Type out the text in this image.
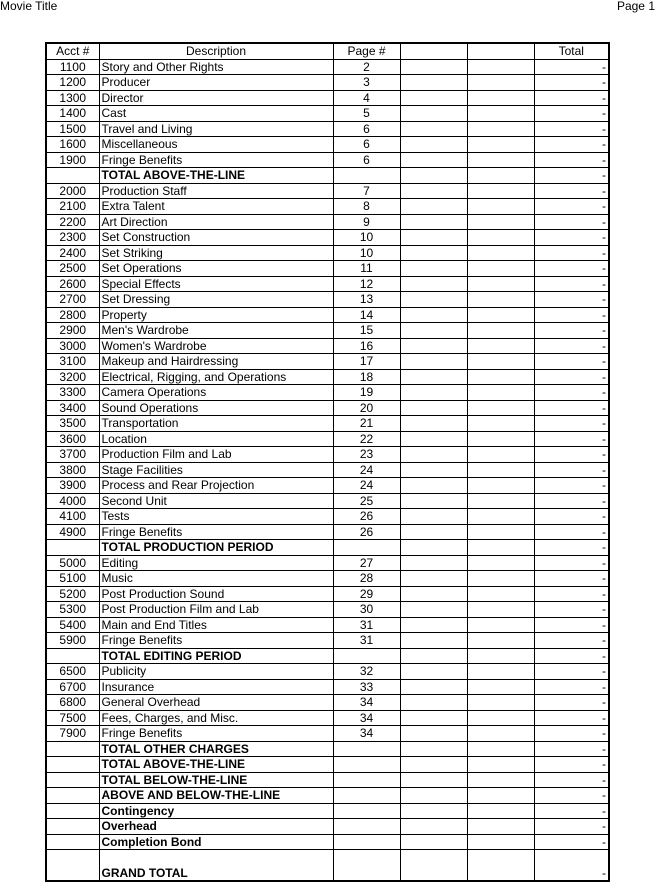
Movie Title	Page 1
Acct #	Description	Page #			Total
1100	Story and Other Rights	2			-
1200	Producer	3			-
1300	Director	4			-
1400	Cast	5			-
1500	Travel and Living	6			-
1600	Miscellaneous	6			-
1900	Fringe Benefits	6			-
	TOTAL ABOVE-THE-LINE				-
2000	Production Staff	7			-
2100	Extra Talent	8			-
2200	Art Direction	9			-
2300	Set Construction	10			-
2400	Set Striking	10			-
2500	Set Operations	11			-
2600	Special Effects	12			-
2700	Set Dressing	13			-
2800	Property	14			-
2900	Men's Wardrobe	15			-
3000	Women's Wardrobe	16			-
3100	Makeup and Hairdressing	17			-
3200	Electrical, Rigging, and Operations	18			-
3300	Camera Operations	19			-
3400	Sound Operations	20			-
3500	Transportation	21			-
3600	Location	22			-
3700	Production Film and Lab	23			-
3800	Stage Facilities	24			-
3900	Process and Rear Projection	24			-
4000	Second Unit	25			-
4100	Tests	26			-
4900	Fringe Benefits	26			-
	TOTAL PRODUCTION PERIOD				-
5000	Editing	27			-
5100	Music	28			-
5200	Post Production Sound	29			-
5300	Post Production Film and Lab	30			-
5400	Main and End Titles	31			-
5900	Fringe Benefits	31			-
	TOTAL EDITING PERIOD				-
6500	Publicity	32			-
6700	Insurance	33			-
6800	General Overhead	34			-
7500	Fees, Charges, and Misc.	34			-
7900	Fringe Benefits	34			-
	TOTAL OTHER CHARGES				-
	TOTAL ABOVE-THE-LINE				-
	TOTAL BELOW-THE-LINE				-
	ABOVE AND BELOW-THE-LINE				-
	Contingency				-
	Overhead				-
	Completion Bond				-
	GRAND TOTAL				-
